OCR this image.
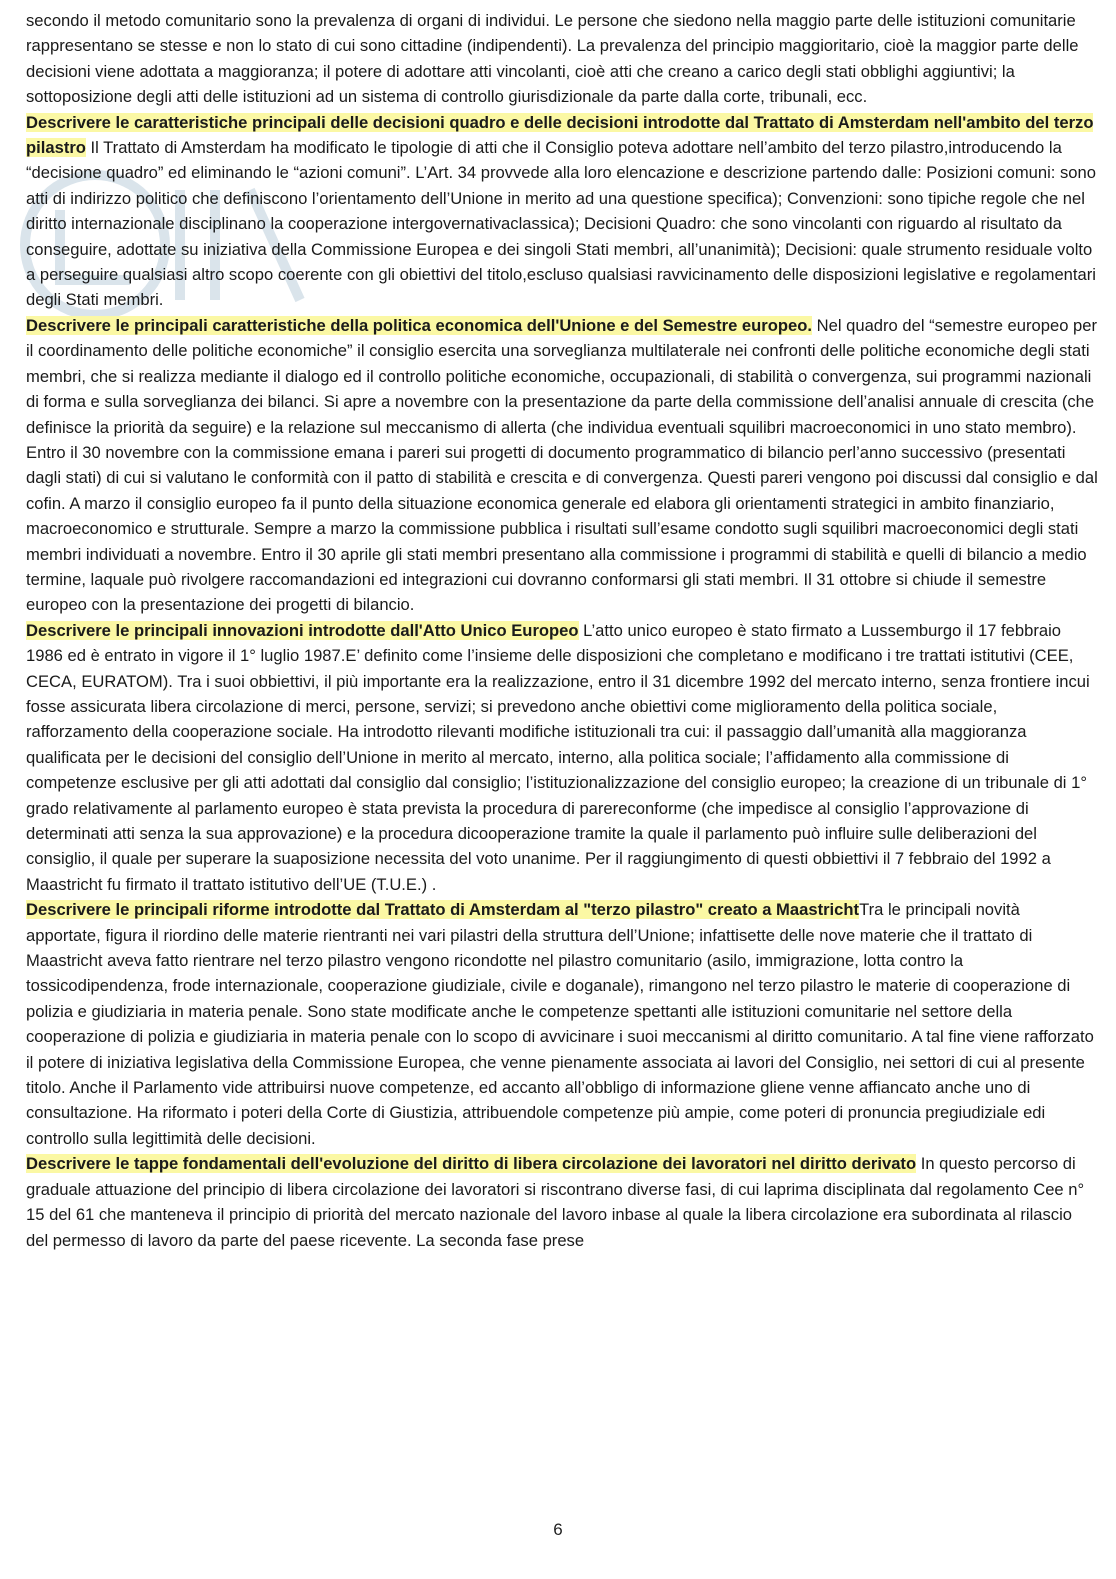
secondo il metodo comunitario sono la prevalenza di organi di individui. Le persone che siedono nella maggio parte delle istituzioni comunitarie rappresentano se stesse e non lo stato di cui sono cittadine (indipendenti). La prevalenza del principio maggioritario, cioè la maggior parte delle decisioni viene adottata a maggioranza; il potere di adottare atti vincolanti, cioè atti che creano a carico degli stati obblighi aggiuntivi; la sottoposizione degli atti delle istituzioni ad un sistema di controllo giurisdizionale da parte dalla corte, tribunali, ecc.

Descrivere le caratteristiche principali delle decisioni quadro e delle decisioni introdotte dal Trattato di Amsterdam nell'ambito del terzo pilastro Il Trattato di Amsterdam ha modificato le tipologie di atti che il Consiglio poteva adottare nell’ambito del terzo pilastro,introducendo la “decisione quadro” ed eliminando le “azioni comuni”. L’Art. 34 provvede alla loro elencazione e descrizione partendo dalle: Posizioni comuni: sono atti di indirizzo politico che definiscono l’orientamento dell’Unione in merito ad una questione specifica); Convenzioni: sono tipiche regole che nel diritto internazionale disciplinano la cooperazione intergovernativaclassica); Decisioni Quadro: che sono vincolanti con riguardo al risultato da conseguire, adottate su iniziativa della Commissione Europea e dei singoli Stati membri, all’unanimità); Decisioni: quale strumento residuale volto a perseguire qualsiasi altro scopo coerente con gli obiettivi del titolo,escluso qualsiasi ravvicinamento delle disposizioni legislative e regolamentari degli Stati membri.

Descrivere le principali caratteristiche della politica economica dell'Unione e del Semestre europeo. Nel quadro del “semestre europeo per il coordinamento delle politiche economiche” il consiglio esercita una sorveglianza multilaterale nei confronti delle politiche economiche degli stati membri, che si realizza mediante il dialogo ed il controllo politiche economiche, occupazionali, di stabilità o convergenza, sui programmi nazionali di forma e sulla sorveglianza dei bilanci. Si apre a novembre con la presentazione da parte della commissione dell’analisi annuale di crescita (che definisce la priorità da seguire) e la relazione sul meccanismo di allerta (che individua eventuali squilibri macroeconomici in uno stato membro). Entro il 30 novembre con la commissione emana i pareri sui progetti di documento programmatico di bilancio perl’anno successivo (presentati dagli stati) di cui si valutano le conformità con il patto di stabilità e crescita e di convergenza. Questi pareri vengono poi discussi dal consiglio e dal cofin. A marzo il consiglio europeo fa il punto della situazione economica generale ed elabora gli orientamenti strategici in ambito finanziario, macroeconomico e strutturale. Sempre a marzo la commissione pubblica i risultati sull’esame condotto sugli squilibri macroeconomici degli stati membri individuati a novembre. Entro il 30 aprile gli stati membri presentano alla commissione i programmi di stabilità e quelli di bilancio a medio termine, laquale può rivolgere raccomandazioni ed integrazioni cui dovranno conformarsi gli stati membri. Il 31 ottobre si chiude il semestre europeo con la presentazione dei progetti di bilancio.

Descrivere le principali innovazioni introdotte dall'Atto Unico Europeo L’atto unico europeo è stato firmato a Lussemburgo il 17 febbraio 1986 ed è entrato in vigore il 1° luglio 1987.E’ definito come l’insieme delle disposizioni che completano e modificano i tre trattati istitutivi (CEE, CECA, EURATOM). Tra i suoi obbiettivi, il più importante era la realizzazione, entro il 31 dicembre 1992 del mercato interno, senza frontiere incui fosse assicurata libera circolazione di merci, persone, servizi; si prevedono anche obiettivi come miglioramento della politica sociale, rafforzamento della cooperazione sociale. Ha introdotto rilevanti modifiche istituzionali tra cui: il passaggio dall’umanità alla maggioranza qualificata per le decisioni del consiglio dell’Unione in merito al mercato, interno, alla politica sociale; l’affidamento alla commissione di competenze esclusive per gli atti adottati dal consiglio dal consiglio; l’istituzionalizzazione del consiglio europeo; la creazione di un tribunale di 1° grado relativamente al parlamento europeo è stata prevista la procedura di parereconforme (che impedisce al consiglio l’approvazione di determinati atti senza la sua approvazione) e la procedura dicooperazione tramite la quale il parlamento può influire sulle deliberazioni del consiglio, il quale per superare la suaposizione necessita del voto unanime. Per il raggiungimento di questi obbiettivi il 7 febbraio del 1992 a Maastricht fu firmato il trattato istitutivo dell’UE (T.U.E.) .

Descrivere le principali riforme introdotte dal Trattato di Amsterdam al "terzo pilastro" creato a MaastrichtTra le principali novità apportate, figura il riordino delle materie rientranti nei vari pilastri della struttura dell’Unione; infattisette delle nove materie che il trattato di Maastricht aveva fatto rientrare nel terzo pilastro vengono ricondotte nel pilastro comunitario (asilo, immigrazione, lotta contro la tossicodipendenza, frode internazionale, cooperazione giudiziale, civile e doganale), rimangono nel terzo pilastro le materie di cooperazione di polizia e giudiziaria in materia penale. Sono state modificate anche le competenze spettanti alle istituzioni comunitarie nel settore della cooperazione di polizia e giudiziaria in materia penale con lo scopo di avvicinare i suoi meccanismi al diritto comunitario. A tal fine viene rafforzato il potere di iniziativa legislativa della Commissione Europea, che venne pienamente associata ai lavori del Consiglio, nei settori di cui al presente titolo. Anche il Parlamento vide attribuirsi nuove competenze, ed accanto all’obbligo di informazione gliene venne affiancato anche uno di consultazione. Ha riformato i poteri della Corte di Giustizia, attribuendole competenze più ampie, come poteri di pronuncia pregiudiziale edi controllo sulla legittimità delle decisioni.

Descrivere le tappe fondamentali dell'evoluzione del diritto di libera circolazione dei lavoratori nel diritto derivato In questo percorso di graduale attuazione del principio di libera circolazione dei lavoratori si riscontrano diverse fasi, di cui laprima disciplinata dal regolamento Cee n° 15 del 61 che manteneva il principio di priorità del mercato nazionale del lavoro inbase al quale la libera circolazione era subordinata al rilascio del permesso di lavoro da parte del paese ricevente. La seconda fase prese

6
